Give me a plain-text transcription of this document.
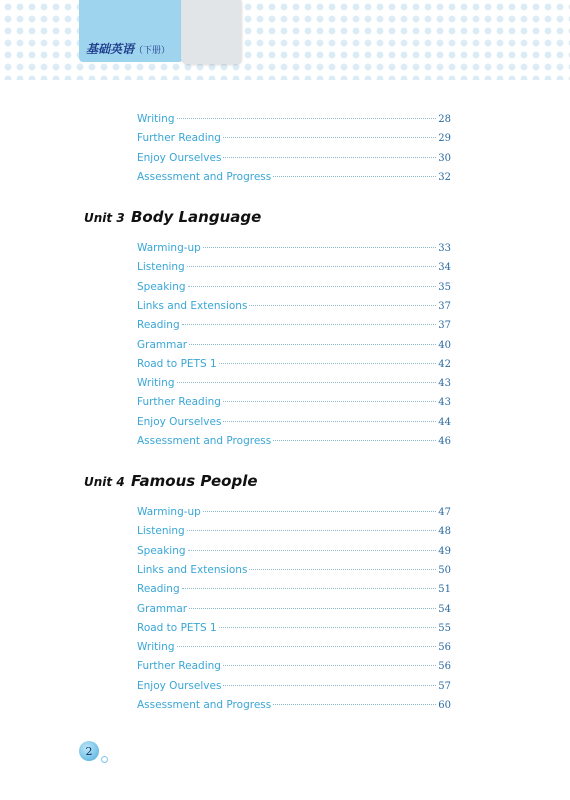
基础英语（下册）
Writing	28
Further Reading	29
Enjoy Ourselves	30
Assessment and Progress	32
Unit 3 Body Language
Warming-up	33
Listening	34
Speaking	35
Links and Extensions	37
Reading	37
Grammar	40
Road to PETS 1	42
Writing	43
Further Reading	43
Enjoy Ourselves	44
Assessment and Progress	46
Unit 4 Famous People
Warming-up	47
Listening	48
Speaking	49
Links and Extensions	50
Reading	51
Grammar	54
Road to PETS 1	55
Writing	56
Further Reading	56
Enjoy Ourselves	57
Assessment and Progress	60
2
